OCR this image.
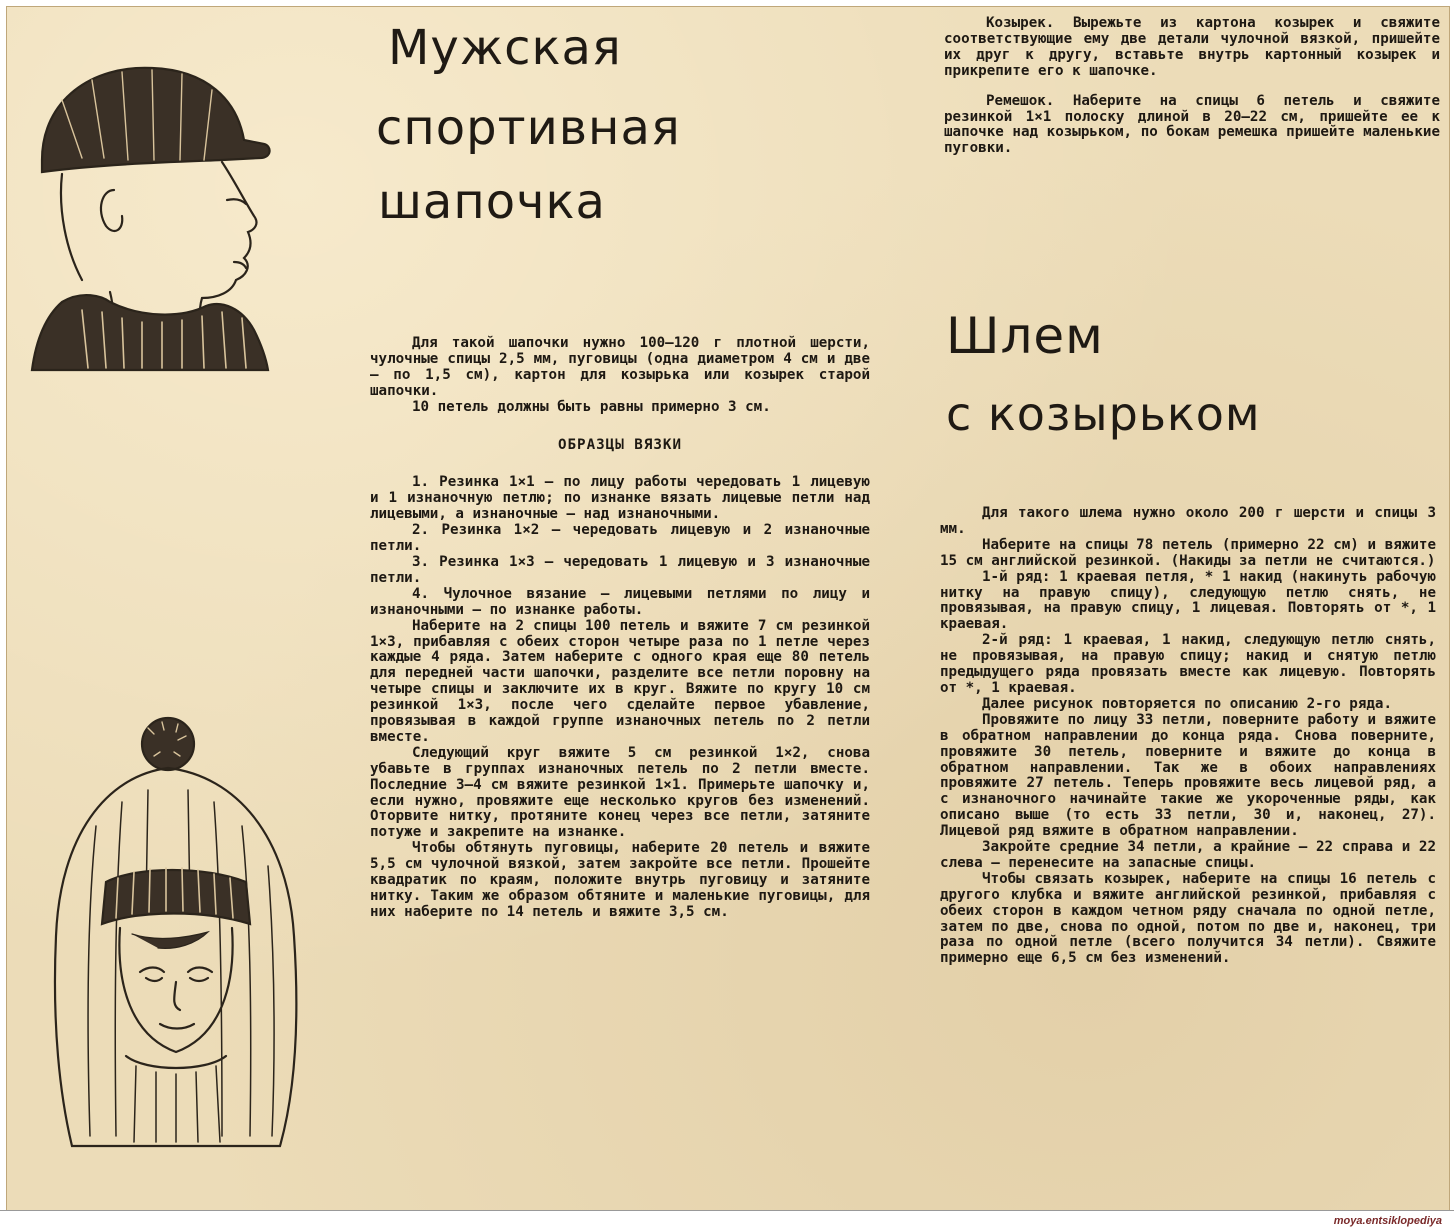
Мужская
спортивная
шапочка

Для такой шапочки нужно 100—120 г плотной шерсти, чулочные спицы 2,5 мм, пуговицы (одна диаметром 4 см и две — по 1,5 см), картон для козырька или козырек старой шапочки.

10 петель должны быть равны примерно 3 см.

ОБРАЗЦЫ ВЯЗКИ

1. Резинка 1×1 — по лицу работы чередовать 1 лицевую и 1 изнаночную петлю; по изнанке вязать лицевые петли над лицевыми, а изнаночные — над изнаночными.

2. Резинка 1×2 — чередовать лицевую и 2 изнаночные петли.

3. Резинка 1×3 — чередовать 1 лицевую и 3 изнаночные петли.

4. Чулочное вязание — лицевыми петлями по лицу и изнаночными — по изнанке работы.

Наберите на 2 спицы 100 петель и вяжите 7 см резинкой 1×3, прибавляя с обеих сторон четыре раза по 1 петле через каждые 4 ряда. Затем наберите с одного края еще 80 петель для передней части шапочки, разделите все петли поровну на четыре спицы и заключите их в круг. Вяжите по кругу 10 см резинкой 1×3, после чего сделайте первое убавление, провязывая в каждой группе изнаночных петель по 2 петли вместе.

Следующий круг вяжите 5 см резинкой 1×2, снова убавьте в группах изнаночных петель по 2 петли вместе. Последние 3—4 см вяжите резинкой 1×1. Примерьте шапочку и, если нужно, провяжите еще несколько кругов без изменений. Оторвите нитку, протяните конец через все петли, затяните потуже и закрепите на изнанке.

Чтобы обтянуть пуговицы, наберите 20 петель и вяжите 5,5 см чулочной вязкой, затем закройте все петли. Прошейте квадратик по краям, положите внутрь пуговицу и затяните нитку. Таким же образом обтяните и маленькие пуговицы, для них наберите по 14 петель и вяжите 3,5 см.

Козырек. Вырежьте из картона козырек и свяжите соответствующие ему две детали чулочной вязкой, пришейте их друг к другу, вставьте внутрь картонный козырек и прикрепите его к шапочке.

Ремешок. Наберите на спицы 6 петель и свяжите резинкой 1×1 полоску длиной в 20—22 см, пришейте ее к шапочке над козырьком, по бокам ремешка пришейте маленькие пуговки.

Шлем
с козырьком

Для такого шлема нужно около 200 г шерсти и спицы 3 мм.

Наберите на спицы 78 петель (примерно 22 см) и вяжите 15 см английской резинкой. (Накиды за петли не считаются.)

1-й ряд: 1 краевая петля, * 1 накид (накинуть рабочую нитку на правую спицу), следующую петлю снять, не провязывая, на правую спицу, 1 лицевая. Повторять от *, 1 краевая.

2-й ряд: 1 краевая, 1 накид, следующую петлю снять, не провязывая, на правую спицу; накид и снятую петлю предыдущего ряда провязать вместе как лицевую. Повторять от *, 1 краевая.

Далее рисунок повторяется по описанию 2-го ряда.

Провяжите по лицу 33 петли, поверните работу и вяжите в обратном направлении до конца ряда. Снова поверните, провяжите 30 петель, поверните и вяжите до конца в обратном направлении. Так же в обоих направлениях провяжите 27 петель. Теперь провяжите весь лицевой ряд, а с изнаночного начинайте такие же укороченные ряды, как описано выше (то есть 33 петли, 30 и, наконец, 27). Лицевой ряд вяжите в обратном направлении.

Закройте средние 34 петли, а крайние — 22 справа и 22 слева — перенесите на запасные спицы.

Чтобы связать козырек, наберите на спицы 16 петель с другого клубка и вяжите английской резинкой, прибавляя с обеих сторон в каждом четном ряду сначала по одной петле, затем по две, снова по одной, потом по две и, наконец, три раза по одной петле (всего получится 34 петли). Свяжите примерно еще 6,5 см без изменений.

moya.entsiklopediya
